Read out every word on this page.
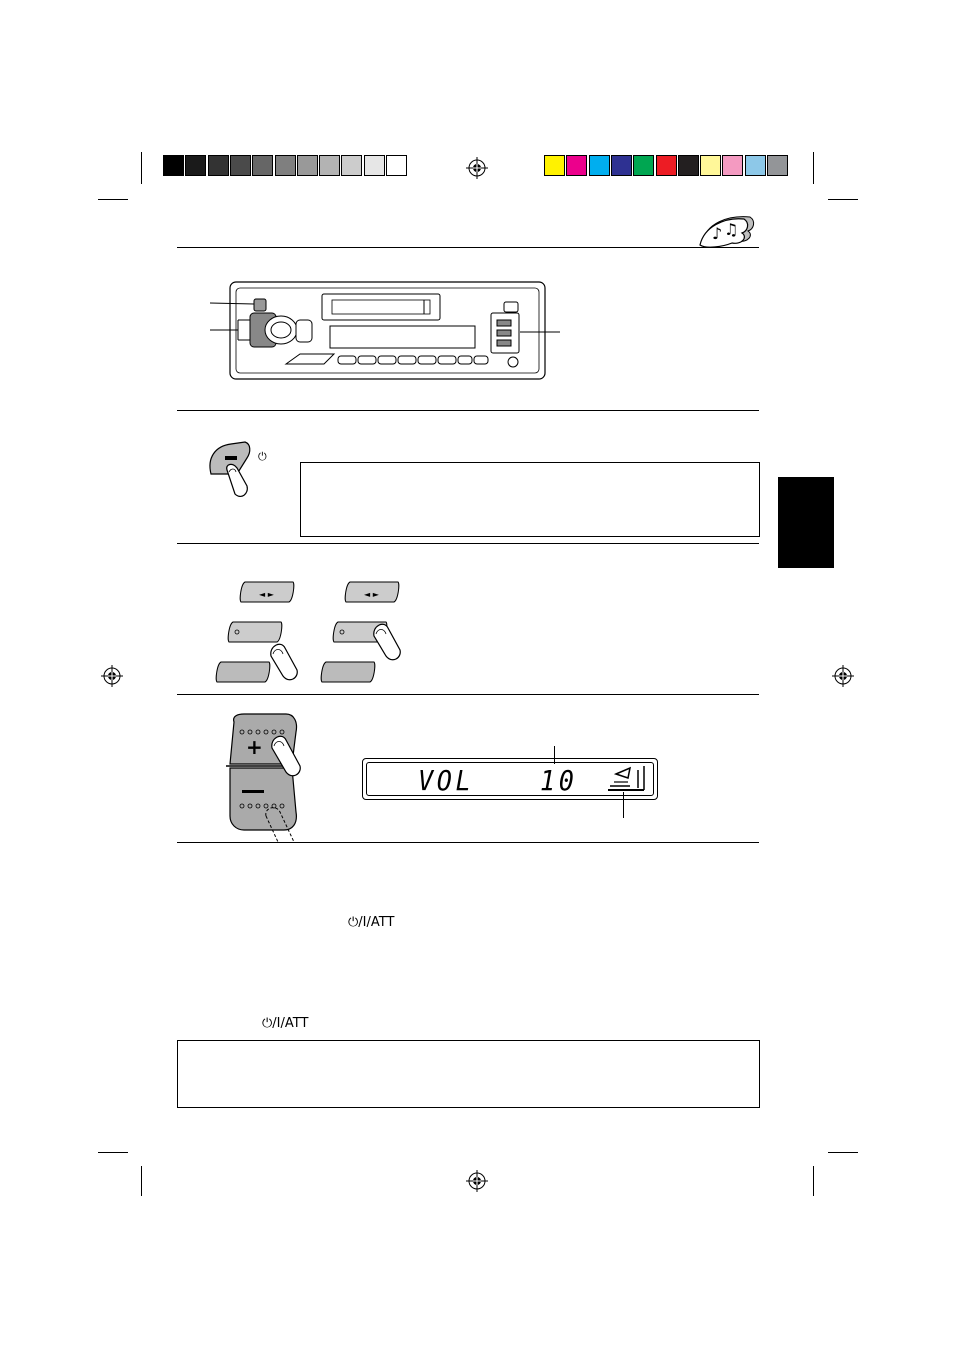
♪ ♫
⏻
◄ ►	◄ ►
+
VOL 10
⏻/Ι/ATT
⏻/Ι/ATT
